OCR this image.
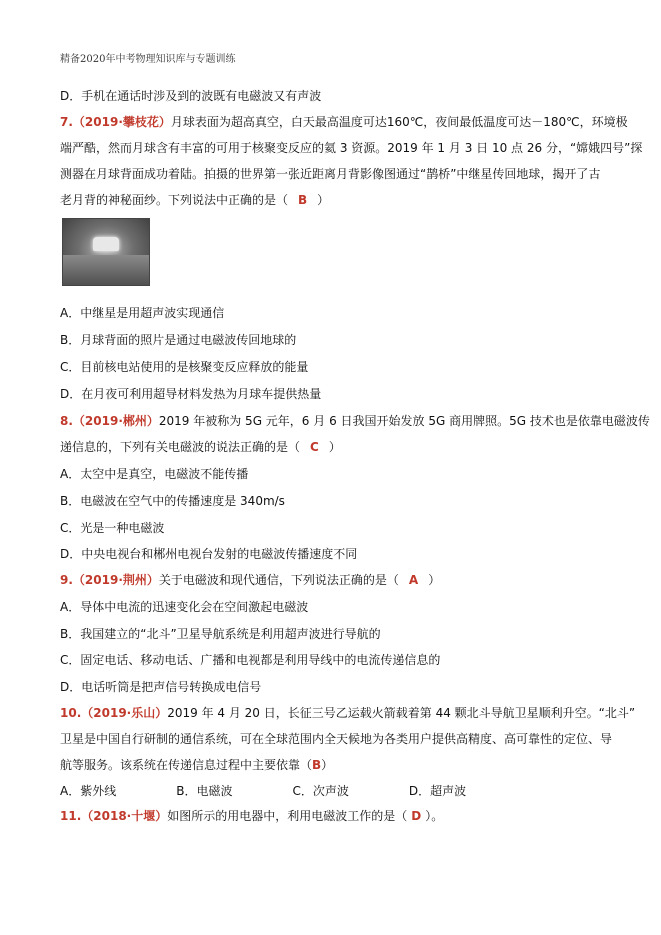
精备2020年中考物理知识库与专题训练
D．手机在通话时涉及到的波既有电磁波又有声波
7.（2019·攀枝花）月球表面为超高真空，白天最高温度可达160℃，夜间最低温度可达－180℃，环境极
端严酷，然而月球含有丰富的可用于核聚变反应的氦 3 资源。2019 年 1 月 3 日 10 点 26 分，“嫦娥四号”探
测器在月球背面成功着陆。拍摄的世界第一张近距离月背影像图通过“鹊桥”中继星传回地球，揭开了古
老月背的神秘面纱。下列说法中正确的是（ B ）
A．中继星是用超声波实现通信
B．月球背面的照片是通过电磁波传回地球的
C．目前核电站使用的是核聚变反应释放的能量
D．在月夜可利用超导材料发热为月球车提供热量
8.（2019·郴州）2019 年被称为 5G 元年，6 月 6 日我国开始发放 5G 商用牌照。5G 技术也是依靠电磁波传
递信息的，下列有关电磁波的说法正确的是（ C ）
A．太空中是真空，电磁波不能传播
B．电磁波在空气中的传播速度是 340m/s
C．光是一种电磁波
D．中央电视台和郴州电视台发射的电磁波传播速度不同
9.（2019·荆州）关于电磁波和现代通信，下列说法正确的是（ A ）
A．导体中电流的迅速变化会在空间激起电磁波
B．我国建立的“北斗”卫星导航系统是利用超声波进行导航的
C．固定电话、移动电话、广播和电视都是利用导线中的电流传递信息的
D．电话听筒是把声信号转换成电信号
10.（2019·乐山）2019 年 4 月 20 日，长征三号乙运载火箭载着第 44 颗北斗导航卫星顺利升空。“北斗”
卫星是中国自行研制的通信系统，可在全球范围内全天候地为各类用户提供高精度、高可靠性的定位、导
航等服务。该系统在传递信息过程中主要依靠（B）
A．紫外线　　　　　B．电磁波　　　　　C．次声波　　　　　D．超声波
11.（2018·十堰）如图所示的用电器中，利用电磁波工作的是（ D ）。
